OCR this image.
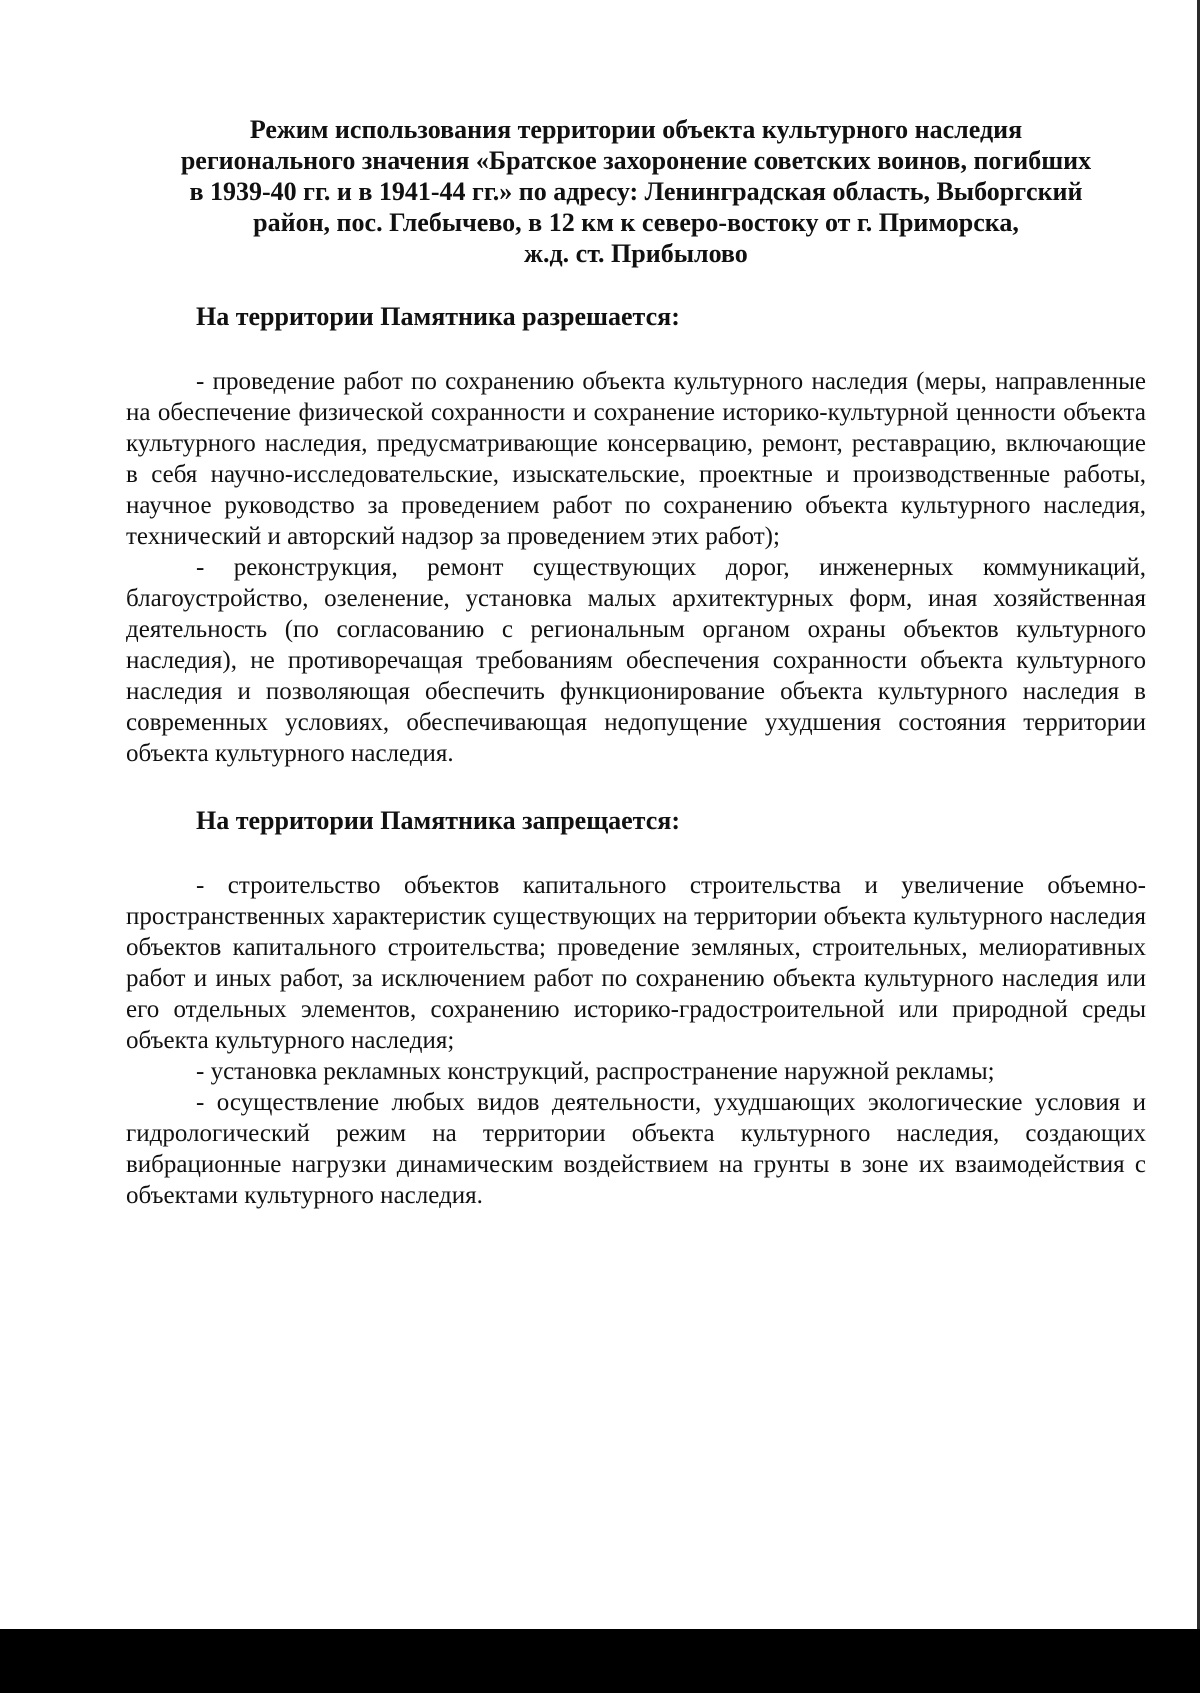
Режим использования территории объекта культурного наследия
регионального значения «Братское захоронение советских воинов, погибших
в 1939-40 гг. и в 1941-44 гг.» по адресу: Ленинградская область, Выборгский
район, пос. Глебычево, в 12 км к северо-востоку от г. Приморска,
ж.д. ст. Прибылово
На территории Памятника разрешается:

- проведение работ по сохранению объекта культурного наследия (меры, направленные на обеспечение физической сохранности и сохранение историко-культурной ценности объекта культурного наследия, предусматривающие консервацию, ремонт, реставрацию, включающие в себя научно-исследовательские, изыскательские, проектные и производственные работы, научное руководство за проведением работ по сохранению объекта культурного наследия, технический и авторский надзор за проведением этих работ);

- реконструкция, ремонт существующих дорог, инженерных коммуникаций, благоустройство, озеленение, установка малых архитектурных форм, иная хозяйственная деятельность (по согласованию с региональным органом охраны объектов культурного наследия), не противоречащая требованиям обеспечения сохранности объекта культурного наследия и позволяющая обеспечить функционирование объекта культурного наследия в современных условиях, обеспечивающая недопущение ухудшения состояния территории объекта культурного наследия.

На территории Памятника запрещается:

- строительство объектов капитального строительства и увеличение объемно-пространственных характеристик существующих на территории объекта культурного наследия объектов капитального строительства; проведение земляных, строительных, мелиоративных работ и иных работ, за исключением работ по сохранению объекта культурного наследия или его отдельных элементов, сохранению историко-градостроительной или природной среды объекта культурного наследия;

- установка рекламных конструкций, распространение наружной рекламы;

- осуществление любых видов деятельности, ухудшающих экологические условия и гидрологический режим на территории объекта культурного наследия, создающих вибрационные нагрузки динамическим воздействием на грунты в зоне их взаимодействия с объектами культурного наследия.
